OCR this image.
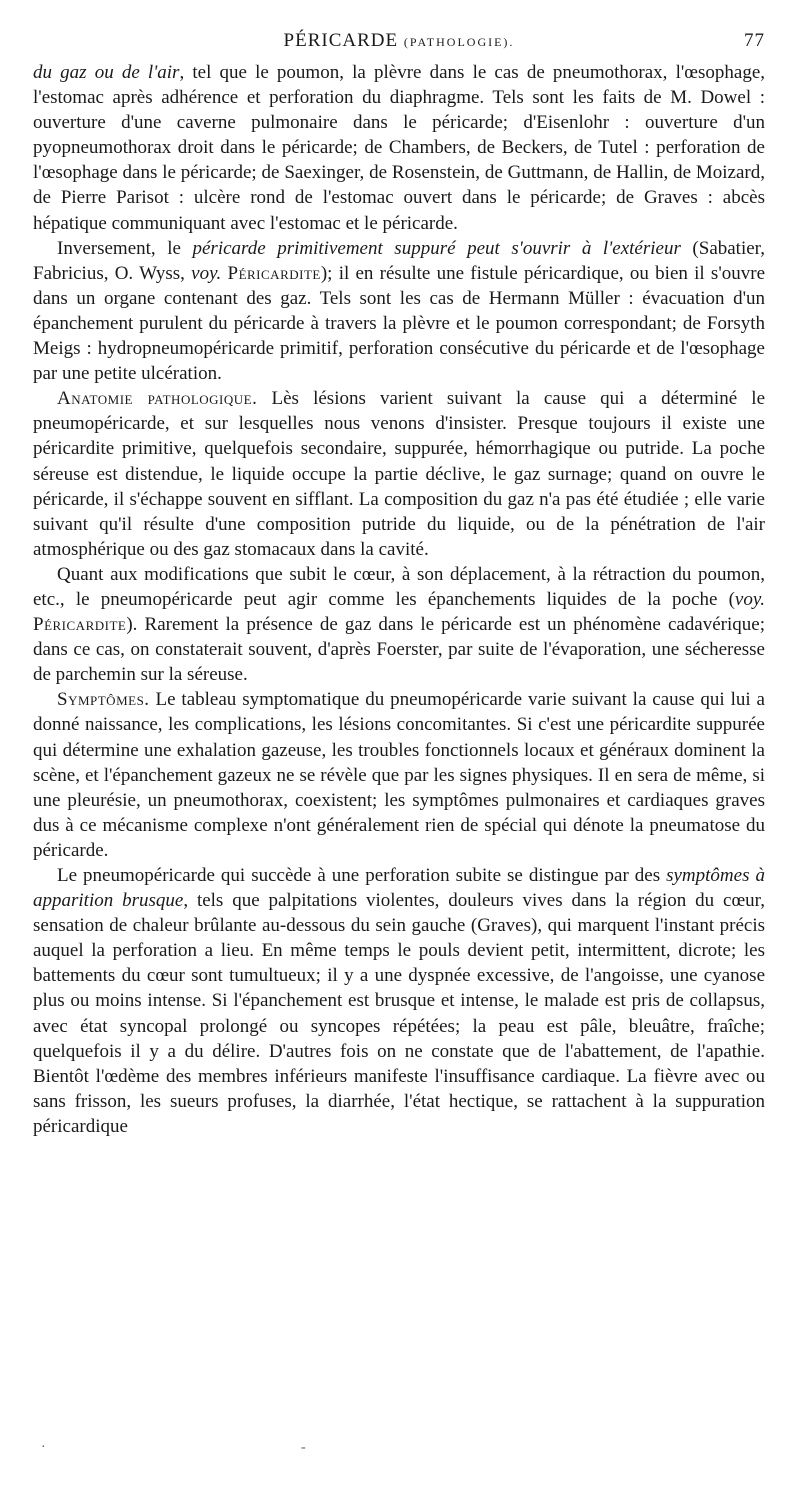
PÉRICARDE (PATHOLOGIE).	77

du gaz ou de l'air, tel que le poumon, la plèvre dans le cas de pneumothorax, l'œsophage, l'estomac après adhérence et perforation du diaphragme. Tels sont les faits de M. Dowel : ouverture d'une caverne pulmonaire dans le péricarde; d'Eisenlohr : ouverture d'un pyopneumothorax droit dans le péricarde; de Chambers, de Beckers, de Tutel : perforation de l'œsophage dans le péricarde; de Saexinger, de Rosenstein, de Guttmann, de Hallin, de Moizard, de Pierre Parisot : ulcère rond de l'estomac ouvert dans le péricarde; de Graves : abcès hépatique communiquant avec l'estomac et le péricarde.

Inversement, le péricarde primitivement suppuré peut s'ouvrir à l'extérieur (Sabatier, Fabricius, O. Wyss, voy. Péricardite); il en résulte une fistule péricardique, ou bien il s'ouvre dans un organe contenant des gaz. Tels sont les cas de Hermann Müller : évacuation d'un épanchement purulent du péricarde à travers la plèvre et le poumon correspondant; de Forsyth Meigs : hydropneumopéricarde primitif, perforation consécutive du péricarde et de l'œsophage par une petite ulcération.

Anatomie pathologique. Lès lésions varient suivant la cause qui a déterminé le pneumopéricarde, et sur lesquelles nous venons d'insister. Presque toujours il existe une péricardite primitive, quelquefois secondaire, suppurée, hémorrhagique ou putride. La poche séreuse est distendue, le liquide occupe la partie déclive, le gaz surnage; quand on ouvre le péricarde, il s'échappe souvent en sifflant. La composition du gaz n'a pas été étudiée ; elle varie suivant qu'il résulte d'une composition putride du liquide, ou de la pénétration de l'air atmosphérique ou des gaz stomacaux dans la cavité.

Quant aux modifications que subit le cœur, à son déplacement, à la rétraction du poumon, etc., le pneumopéricarde peut agir comme les épanchements liquides de la poche (voy. Péricardite). Rarement la présence de gaz dans le péricarde est un phénomène cadavérique; dans ce cas, on constaterait souvent, d'après Foerster, par suite de l'évaporation, une sécheresse de parchemin sur la séreuse.

Symptômes. Le tableau symptomatique du pneumopéricarde varie suivant la cause qui lui a donné naissance, les complications, les lésions concomitantes. Si c'est une péricardite suppurée qui détermine une exhalation gazeuse, les troubles fonctionnels locaux et généraux dominent la scène, et l'épanchement gazeux ne se révèle que par les signes physiques. Il en sera de même, si une pleurésie, un pneumothorax, coexistent; les symptômes pulmonaires et cardiaques graves dus à ce mécanisme complexe n'ont généralement rien de spécial qui dénote la pneumatose du péricarde.

Le pneumopéricarde qui succède à une perforation subite se distingue par des symptômes à apparition brusque, tels que palpitations violentes, douleurs vives dans la région du cœur, sensation de chaleur brûlante au-dessous du sein gauche (Graves), qui marquent l'instant précis auquel la perforation a lieu. En même temps le pouls devient petit, intermittent, dicrote; les battements du cœur sont tumultueux; il y a une dyspnée excessive, de l'angoisse, une cyanose plus ou moins intense. Si l'épanchement est brusque et intense, le malade est pris de collapsus, avec état syncopal prolongé ou syncopes répétées; la peau est pâle, bleuâtre, fraîche; quelquefois il y a du délire. D'autres fois on ne constate que de l'abattement, de l'apathie. Bientôt l'œdème des membres inférieurs manifeste l'insuffisance cardiaque. La fièvre avec ou sans frisson, les sueurs profuses, la diarrhée, l'état hectique, se rattachent à la suppuration péricardique

·	-
